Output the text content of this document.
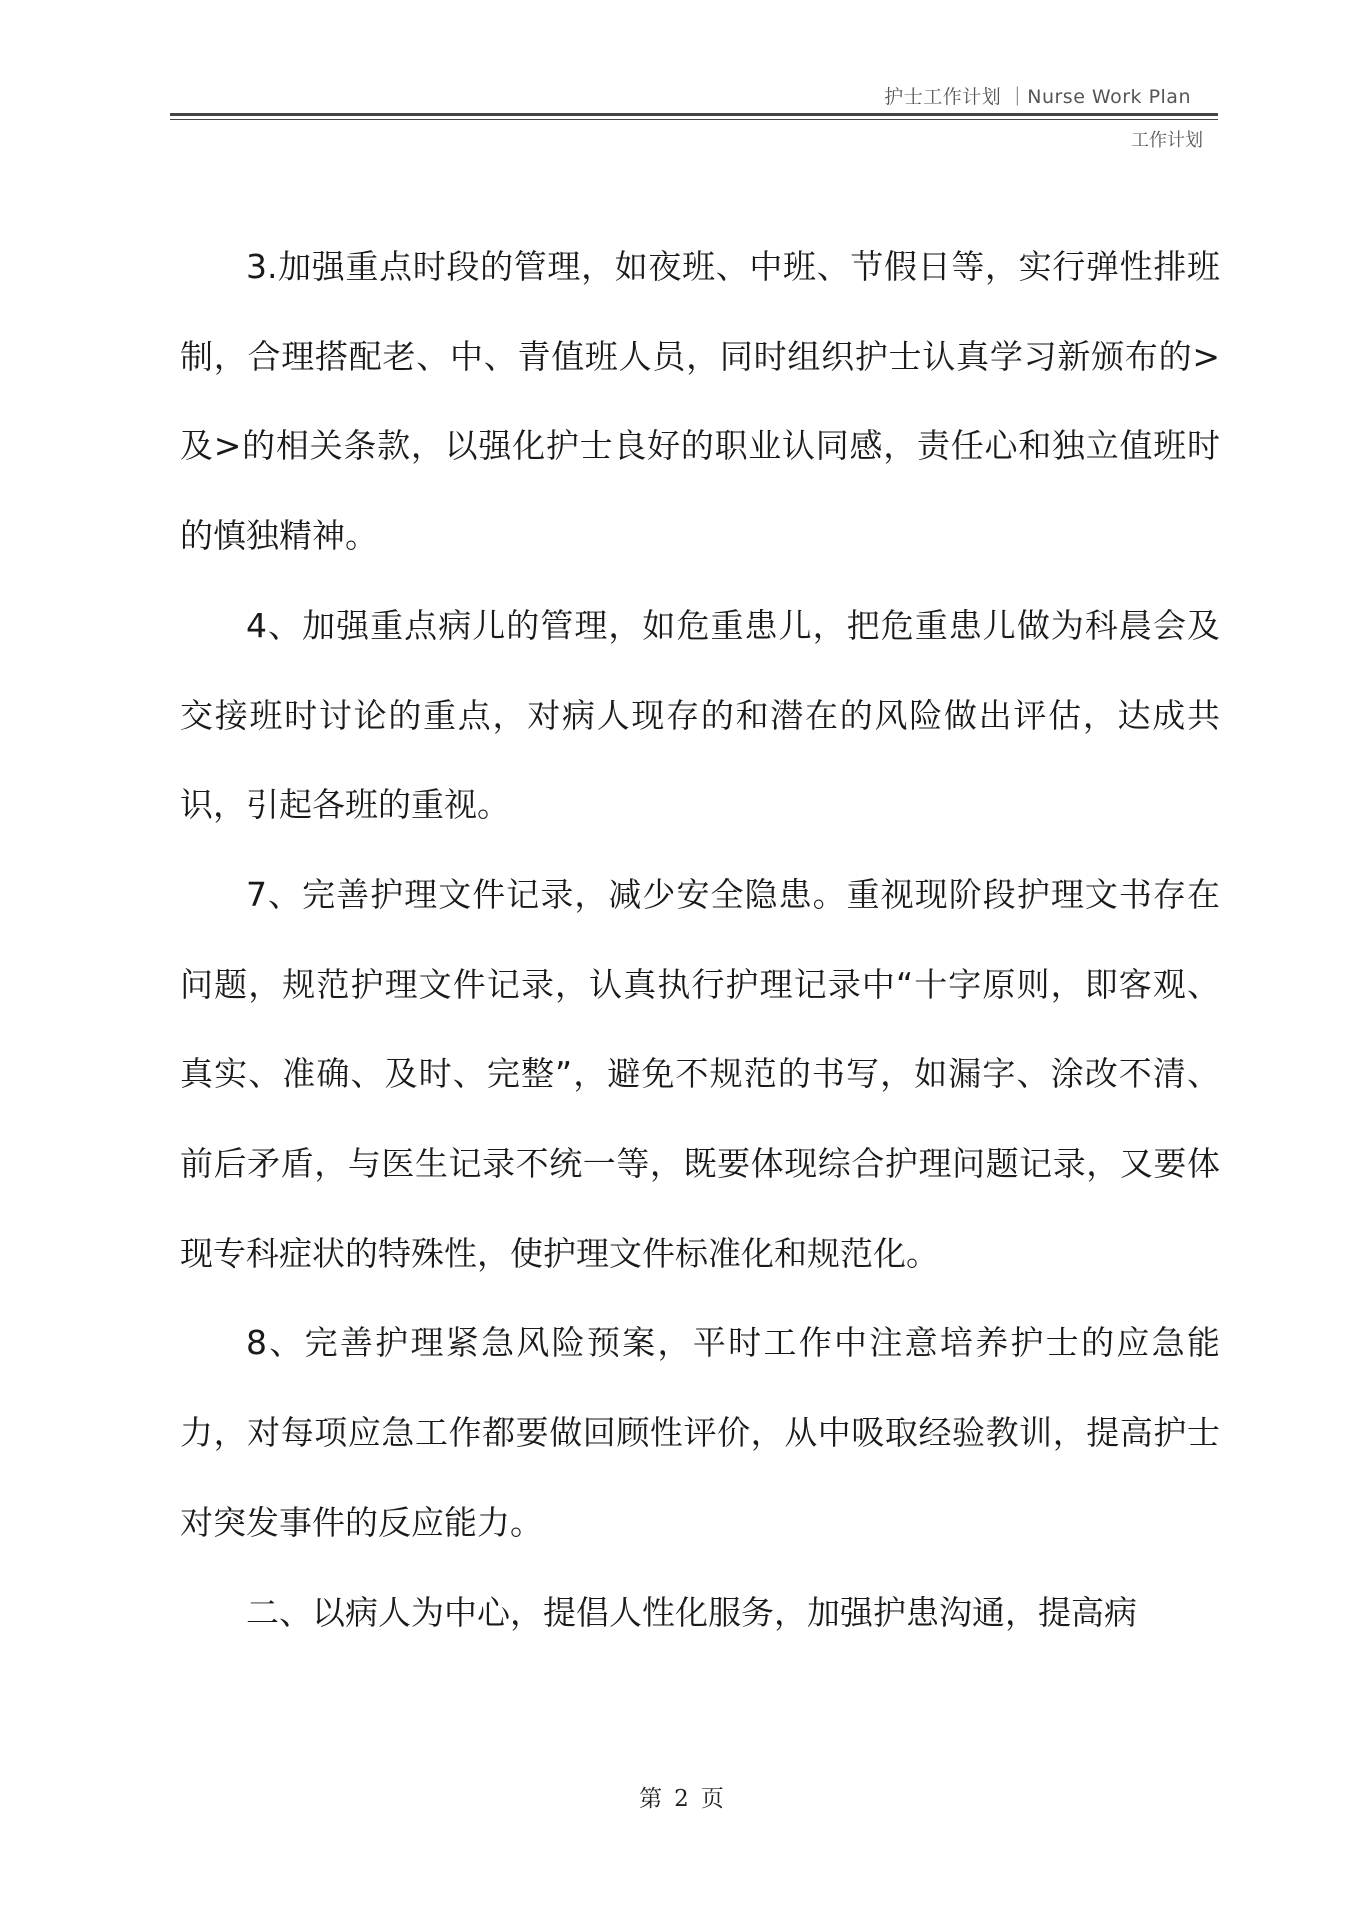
护士工作计划 ｜Nurse Work Plan
工作计划

3.加强重点时段的管理，如夜班、中班、节假日等，实行弹性排班制，合理搭配老、中、青值班人员，同时组织护士认真学习新颁布的>及>的相关条款，以强化护士良好的职业认同感，责任心和独立值班时的慎独精神。

4、加强重点病儿的管理，如危重患儿，把危重患儿做为科晨会及交接班时讨论的重点，对病人现存的和潜在的风险做出评估，达成共识，引起各班的重视。

7、完善护理文件记录，减少安全隐患。重视现阶段护理文书存在问题，规范护理文件记录，认真执行护理记录中“十字原则，即客观、真实、准确、及时、完整”，避免不规范的书写，如漏字、涂改不清、前后矛盾，与医生记录不统一等，既要体现综合护理问题记录，又要体现专科症状的特殊性，使护理文件标准化和规范化。

8、完善护理紧急风险预案，平时工作中注意培养护士的应急能力，对每项应急工作都要做回顾性评价，从中吸取经验教训，提高护士对突发事件的反应能力。

二、以病人为中心，提倡人性化服务，加强护患沟通，提高病

第 2 页
